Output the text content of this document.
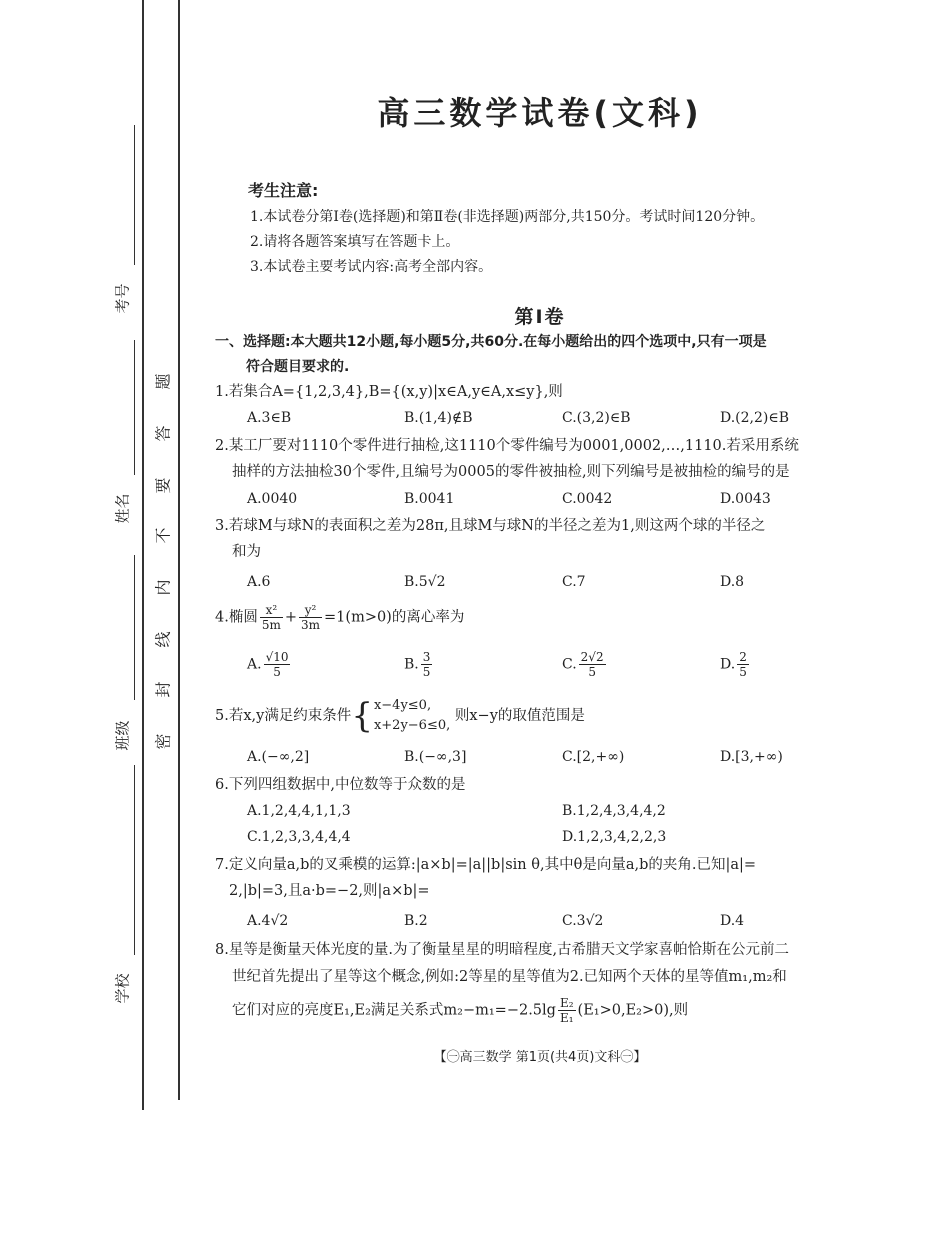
考号
姓名
班级
学校
题
答
要
不
内
线
封
密
高三数学试卷(文科)
考生注意:
1.本试卷分第Ⅰ卷(选择题)和第Ⅱ卷(非选择题)两部分,共150分。考试时间120分钟。
2.请将各题答案填写在答题卡上。
3.本试卷主要考试内容:高考全部内容。
第Ⅰ卷
一、选择题:本大题共12小题,每小题5分,共60分.在每小题给出的四个选项中,只有一项是
符合题目要求的.
1.若集合A={1,2,3,4},B={(x,y)|x∈A,y∈A,x≤y},则
A.3∈B	B.(1,4)∉B	C.(3,2)∈B	D.(2,2)∈B
2.某工厂要对1110个零件进行抽检,这1110个零件编号为0001,0002,…,1110.若采用系统
抽样的方法抽检30个零件,且编号为0005的零件被抽检,则下列编号是被抽检的编号的是
A.0040	B.0041	C.0042	D.0043
3.若球M与球N的表面积之差为28π,且球M与球N的半径之差为1,则这两个球的半径之
和为
A.6	B.5√2	C.7	D.8
4.椭圆 $\frac{\text{x²}}{5m} + \frac{\text{y²}}{3m} =1(m>0)$的离心率为
A. $\frac{√10}{5}$	B. $\frac{3}{5}$	C. $\frac{2√2}{5}$	D. $\frac{2}{5}$
5.若x,y满足约束条件{ x−4y≤0,
x+2y−6≤0,
则x−y的取值范围是
A.(−∞,2]	B.(−∞,3]	C.[2,+∞)	D.[3,+∞)
6.下列四组数据中,中位数等于众数的是
A.1,2,4,4,1,1,3	B.1,2,4,3,4,4,2
C.1,2,3,3,4,4,4	D.1,2,3,4,2,2,3
7.定义向量a,b的叉乘模的运算:|a×b|=|a||b|sin θ,其中θ是向量a,b的夹角.已知|a|=
2,|b|=3,且a·b=−2,则|a×b|=
A.4√2	B.2	C.3√2	D.4
8.星等是衡量天体光度的量.为了衡量星星的明暗程度,古希腊天文学家喜帕恰斯在公元前二
世纪首先提出了星等这个概念,例如:2等星的星等值为2.已知两个天体的星等值m₁,m₂和
它们对应的亮度E₁,E₂满足关系式$m_2-m_1=-2.5\lg \frac{\text{E₂}}{\text{E₁}} (E_1>0,E_2>0)$,则
【㊀高三数学 第1页(共4页)文科㊀】
